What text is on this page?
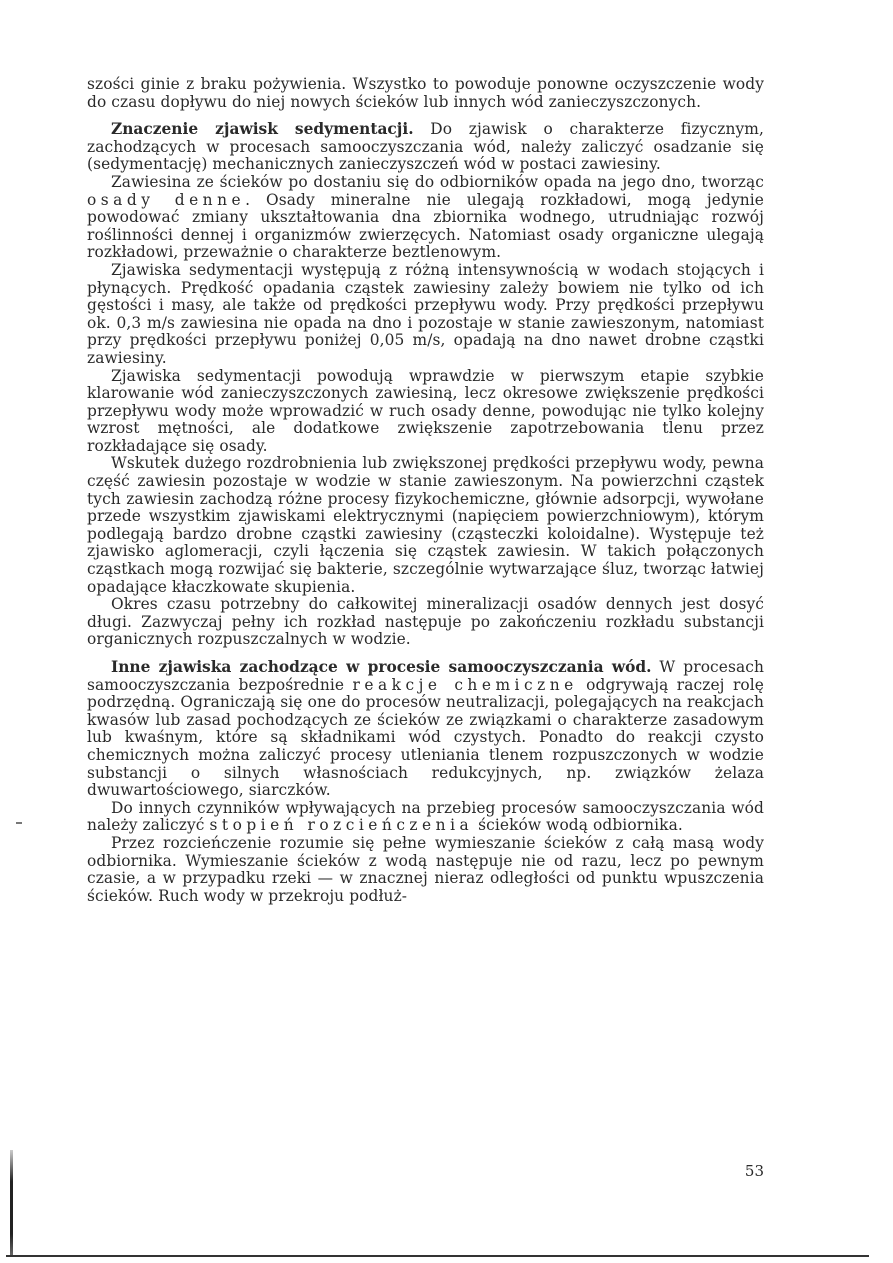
szości ginie z braku pożywienia. Wszystko to powoduje ponowne oczyszczenie wody do czasu dopływu do niej nowych ścieków lub innych wód zanieczyszczonych.

Znaczenie zjawisk sedymentacji. Do zjawisk o charakterze fizycznym, zachodzących w procesach samooczyszczania wód, należy zaliczyć osadzanie się (sedymentację) mechanicznych zanieczyszczeń wód w postaci zawiesiny.

Zawiesina ze ścieków po dostaniu się do odbiorników opada na jego dno, tworząc osady denne. Osady mineralne nie ulegają rozkładowi, mogą jedynie powodować zmiany ukształtowania dna zbiornika wodnego, utrudniając rozwój roślinności dennej i organizmów zwierzęcych. Natomiast osady organiczne ulegają rozkładowi, przeważnie o charakterze beztlenowym.

Zjawiska sedymentacji występują z różną intensywnością w wodach stojących i płynących. Prędkość opadania cząstek zawiesiny zależy bowiem nie tylko od ich gęstości i masy, ale także od prędkości przepływu wody. Przy prędkości przepływu ok. 0,3 m/s zawiesina nie opada na dno i pozostaje w stanie zawieszonym, natomiast przy prędkości przepływu poniżej 0,05 m/s, opadają na dno nawet drobne cząstki zawiesiny.

Zjawiska sedymentacji powodują wprawdzie w pierwszym etapie szybkie klarowanie wód zanieczyszczonych zawiesiną, lecz okresowe zwiększenie prędkości przepływu wody może wprowadzić w ruch osady denne, powodując nie tylko kolejny wzrost mętności, ale dodatkowe zwiększenie zapotrzebowania tlenu przez rozkładające się osady.

Wskutek dużego rozdrobnienia lub zwiększonej prędkości przepływu wody, pewna część zawiesin pozostaje w wodzie w stanie zawieszonym. Na powierzchni cząstek tych zawiesin zachodzą różne procesy fizykochemiczne, głównie adsorpcji, wywołane przede wszystkim zjawiskami elektrycznymi (napięciem powierzchniowym), którym podlegają bardzo drobne cząstki zawiesiny (cząsteczki koloidalne). Występuje też zjawisko aglomeracji, czyli łączenia się cząstek zawiesin. W takich połączonych cząstkach mogą rozwijać się bakterie, szczególnie wytwarzające śluz, tworząc łatwiej opadające kłaczkowate skupienia.

Okres czasu potrzebny do całkowitej mineralizacji osadów dennych jest dosyć długi. Zazwyczaj pełny ich rozkład następuje po zakończeniu rozkładu substancji organicznych rozpuszczalnych w wodzie.

Inne zjawiska zachodzące w procesie samooczyszczania wód. W procesach samooczyszczania bezpośrednie reakcje chemiczne odgrywają raczej rolę podrzędną. Ograniczają się one do procesów neutralizacji, polegających na reakcjach kwasów lub zasad pochodzących ze ścieków ze związkami o charakterze zasadowym lub kwaśnym, które są składnikami wód czystych. Ponadto do reakcji czysto chemicznych można zaliczyć procesy utleniania tlenem rozpuszczonych w wodzie substancji o silnych własnościach redukcyjnych, np. związków żelaza dwuwartościowego, siarczków.

Do innych czynników wpływających na przebieg procesów samooczyszczania wód należy zaliczyć stopień rozcieńczenia ścieków wodą odbiornika.

Przez rozcieńczenie rozumie się pełne wymieszanie ścieków z całą masą wody odbiornika. Wymieszanie ścieków z wodą następuje nie od razu, lecz po pewnym czasie, a w przypadku rzeki — w znacznej nieraz odległości od punktu wpuszczenia ścieków. Ruch wody w przekroju podłuż-

53
